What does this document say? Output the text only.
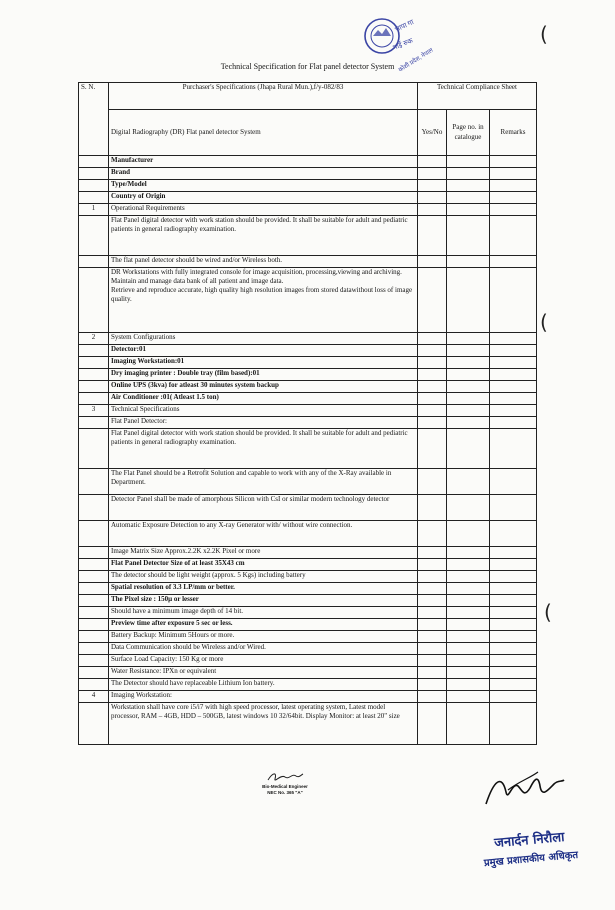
Technical Specification for Flat panel detector System
भापा गा
माई रुक
कोशी प्रदेश, नेपाल
S. N.	Purchaser's Specifications (Jhapa Rural Mun.),f/y-082/83	Technical Compliance Sheet		
	Digital Radiography (DR) Flat panel detector System	Yes/No	Page no. in catalogue	Remarks
	Manufacturer			
	Brand			
	Type/Model			
	Country of Origin			
1	Operational Requirements			
	Flat Panel digital detector with work station should be provided. It shall be suitable for adult and pediatric patients in general radiography examination.			
	The flat panel detector should be wired and/or Wireless both.			
	DR Workstations with fully integrated console for image acquisition, processing,viewing and archiving. Maintain and manage data bank of all patient and image data.
Retrieve and reproduce accurate, high quality high resolution images from stored datawithout loss of image quality.			
2	System Configurations			
	Detector:01			
	Imaging Workstation:01			
	Dry imaging printer : Double tray (film based):01			
	Online UPS (3kva) for atleast 30 minutes system backup			
	Air Conditioner :01( Atleast 1.5 ton)			
3	Technical Specifications			
	Flat Panel Detector:			
	Flat Panel digital detector with work station should be provided. It shall be suitable for adult and pediatric patients in general radiography examination.			
	The Flat Panel should be a Retrofit Solution and capable to work with any of the X-Ray available in Department.			
	Detector Panel shall be made of amorphous Silicon with CsI or similar modern technology detector			
	Automatic Exposure Detection to any X-ray Generator with/ without wire connection.			
	Image Matrix Size Approx.2.2K x2.2K Pixel or more			
	Flat Panel Detector Size of at least 35X43 cm			
	The detector should be light weight (approx. 5 Kgs) including battery			
	Spatial resolution of 3.3 LP/mm or better.			
	The Pixel size : 150μ or lesser			
	Should have a minimum image depth of 14 bit.			
	Preview time after exposure 5 sec or less.			
	Battery Backup: Minimum 5Hours or more.			
	Data Communication should be Wireless and/or Wired.			
	Surface Load Capacity: 150 Kg or more			
	Water Resistance: IPXn or equivalent			
	The Detector should have replaceable Lithium Ion battery.			
4	Imaging Workstation:			
	Workstation shall have core i5/i7 with high speed processor, latest operating system, Latest model processor, RAM – 4GB, HDD – 500GB, latest windows 10 32/64bit. Display Monitor: at least 20" size			
(
(
(
Bio-Medical Engineer
NEC No. 365 "A"
जनार्दन निरौला
प्रमुख प्रशासकीय अधिकृत
